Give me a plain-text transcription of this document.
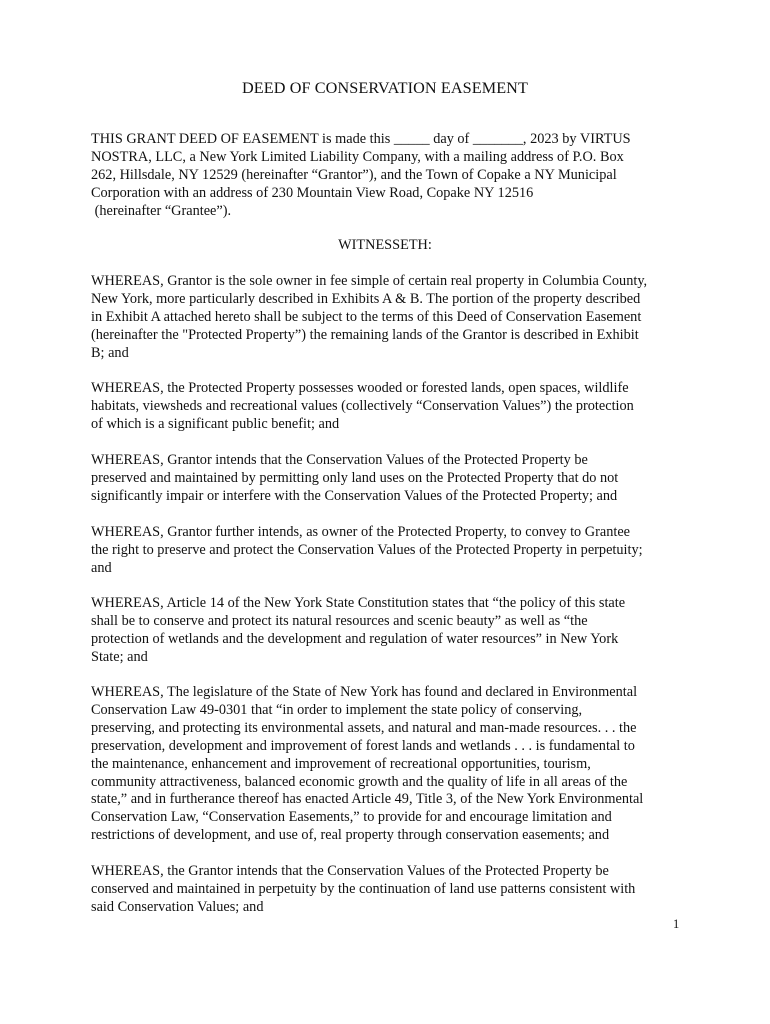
DEED OF CONSERVATION EASEMENT

THIS GRANT DEED OF EASEMENT is made this _____ day of _______, 2023 by VIRTUS
NOSTRA, LLC, a New York Limited Liability Company, with a mailing address of P.O. Box
262, Hillsdale, NY 12529 (hereinafter “Grantor”), and the Town of Copake a NY Municipal
Corporation with an address of 230 Mountain View Road, Copake NY 12516
(hereinafter “Grantee”).

WITNESSETH:

WHEREAS, Grantor is the sole owner in fee simple of certain real property in Columbia County,
New York, more particularly described in Exhibits A & B. The portion of the property described
in Exhibit A attached hereto shall be subject to the terms of this Deed of Conservation Easement
(hereinafter the "Protected Property”) the remaining lands of the Grantor is described in Exhibit
B; and

WHEREAS, the Protected Property possesses wooded or forested lands, open spaces, wildlife
habitats, viewsheds and recreational values (collectively “Conservation Values”) the protection
of which is a significant public benefit; and

WHEREAS, Grantor intends that the Conservation Values of the Protected Property be
preserved and maintained by permitting only land uses on the Protected Property that do not
significantly impair or interfere with the Conservation Values of the Protected Property; and

WHEREAS, Grantor further intends, as owner of the Protected Property, to convey to Grantee
the right to preserve and protect the Conservation Values of the Protected Property in perpetuity;
and

WHEREAS, Article 14 of the New York State Constitution states that “the policy of this state
shall be to conserve and protect its natural resources and scenic beauty” as well as “the
protection of wetlands and the development and regulation of water resources” in New York
State; and

WHEREAS, The legislature of the State of New York has found and declared in Environmental
Conservation Law 49-0301 that “in order to implement the state policy of conserving,
preserving, and protecting its environmental assets, and natural and man-made resources. . . the
preservation, development and improvement of forest lands and wetlands . . . is fundamental to
the maintenance, enhancement and improvement of recreational opportunities, tourism,
community attractiveness, balanced economic growth and the quality of life in all areas of the
state,” and in furtherance thereof has enacted Article 49, Title 3, of the New York Environmental
Conservation Law, “Conservation Easements,” to provide for and encourage limitation and
restrictions of development, and use of, real property through conservation easements; and

WHEREAS, the Grantor intends that the Conservation Values of the Protected Property be
conserved and maintained in perpetuity by the continuation of land use patterns consistent with
said Conservation Values; and

1
